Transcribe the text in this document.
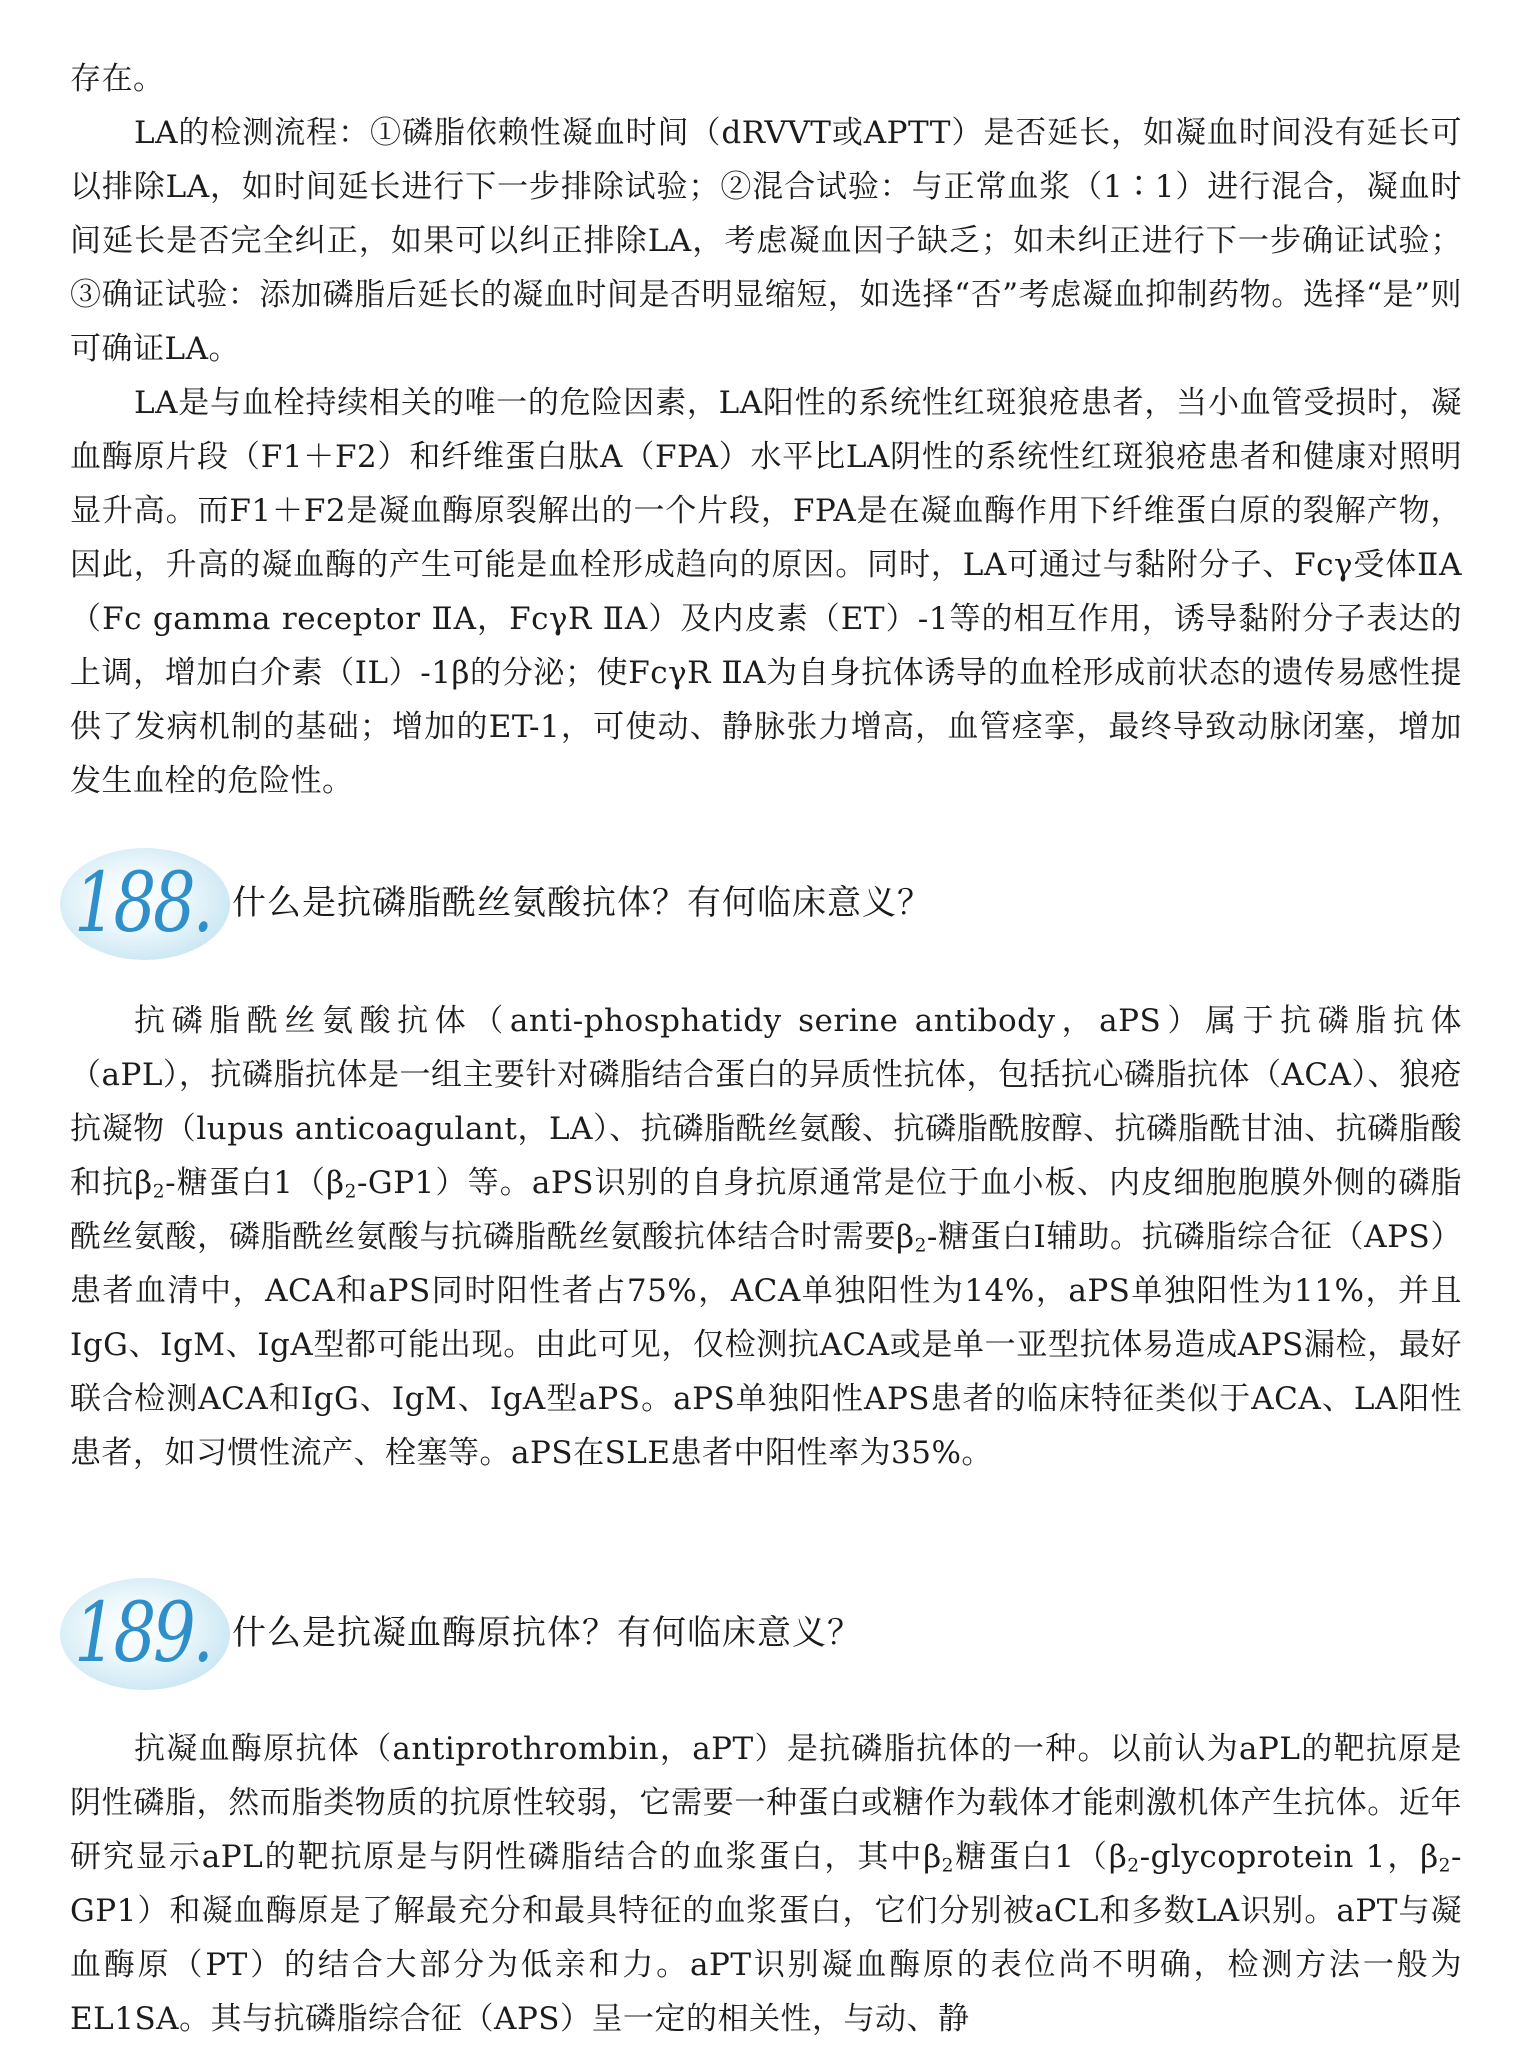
存在。

LA的检测流程：①磷脂依赖性凝血时间（dRVVT或APTT）是否延长，如凝血时间没有延长可以排除LA，如时间延长进行下一步排除试验；②混合试验：与正常血浆（1∶1）进行混合，凝血时间延长是否完全纠正，如果可以纠正排除LA，考虑凝血因子缺乏；如未纠正进行下一步确证试验；③确证试验：添加磷脂后延长的凝血时间是否明显缩短，如选择“否”考虑凝血抑制药物。选择“是”则可确证LA。

LA是与血栓持续相关的唯一的危险因素，LA阳性的系统性红斑狼疮患者，当小血管受损时，凝血酶原片段（F1＋F2）和纤维蛋白肽A（FPA）水平比LA阴性的系统性红斑狼疮患者和健康对照明显升高。而F1＋F2是凝血酶原裂解出的一个片段，FPA是在凝血酶作用下纤维蛋白原的裂解产物，因此，升高的凝血酶的产生可能是血栓形成趋向的原因。同时，LA可通过与黏附分子、Fcγ受体ⅡA（Fc gamma receptor ⅡA，FcγR ⅡA）及内皮素（ET）-1等的相互作用，诱导黏附分子表达的上调，增加白介素（IL）-1β的分泌；使FcγR ⅡA为自身抗体诱导的血栓形成前状态的遗传易感性提供了发病机制的基础；增加的ET-1，可使动、静脉张力增高，血管痉挛，最终导致动脉闭塞，增加发生血栓的危险性。

188. 什么是抗磷脂酰丝氨酸抗体？有何临床意义？

抗磷脂酰丝氨酸抗体（anti-phosphatidy serine antibody，aPS）属于抗磷脂抗体（aPL），抗磷脂抗体是一组主要针对磷脂结合蛋白的异质性抗体，包括抗心磷脂抗体（ACA）、狼疮抗凝物（lupus anticoagulant，LA）、抗磷脂酰丝氨酸、抗磷脂酰胺醇、抗磷脂酰甘油、抗磷脂酸和抗$\beta_2-$糖蛋白$1(\beta_2-GP1)$等。aPS识别的自身抗原通常是位于血小板、内皮细胞胞膜外侧的磷脂酰丝氨酸，磷脂酰丝氨酸与抗磷脂酰丝氨酸抗体结合时需要$\beta_2-$糖蛋白I辅助。抗磷脂综合征（APS）患者血清中，ACA和aPS同时阳性者占75%，ACA单独阳性为14%，aPS单独阳性为11%，并且IgG、IgM、IgA型都可能出现。由此可见，仅检测抗ACA或是单一亚型抗体易造成APS漏检，最好联合检测ACA和IgG、IgM、IgA型aPS。aPS单独阳性APS患者的临床特征类似于ACA、LA阳性患者，如习惯性流产、栓塞等。aPS在SLE患者中阳性率为35%。

189. 什么是抗凝血酶原抗体？有何临床意义？

抗凝血酶原抗体（antiprothrombin，aPT）是抗磷脂抗体的一种。以前认为aPL的靶抗原是阴性磷脂，然而脂类物质的抗原性较弱，它需要一种蛋白或糖作为载体才能刺激机体产生抗体。近年研究显示aPL的靶抗原是与阴性磷脂结合的血浆蛋白，其中$\beta_2$糖蛋白$1(\beta_2$-glycoprotein 1，$\beta_2-GP1$）和凝血酶原是了解最充分和最具特征的血浆蛋白，它们分别被aCL和多数LA识别。aPT与凝血酶原（PT）的结合大部分为低亲和力。aPT识别凝血酶原的表位尚不明确，检测方法一般为EL1SA。其与抗磷脂综合征（APS）呈一定的相关性，与动、静
